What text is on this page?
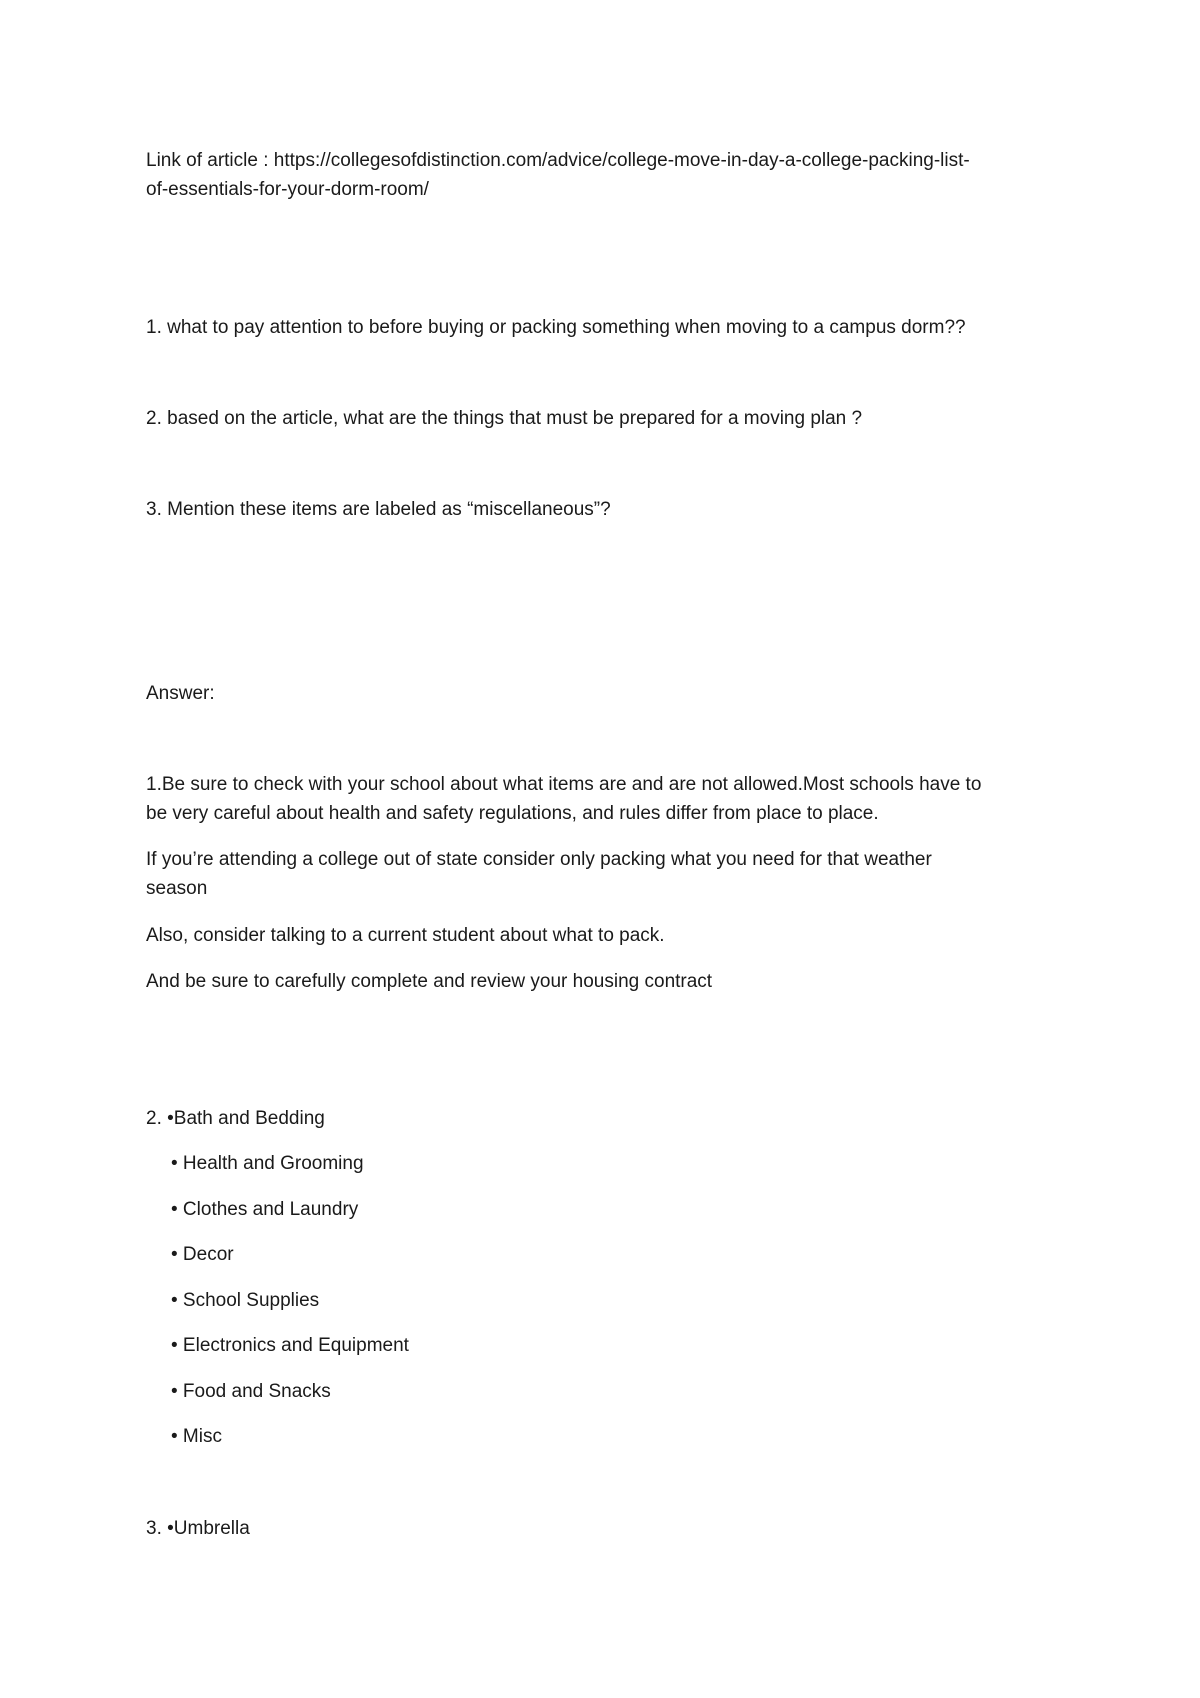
Link of article : https://collegesofdistinction.com/advice/college-move-in-day-a-college-packing-list-
of-essentials-for-your-dorm-room/
1. what to pay attention to before buying or packing something when moving to a campus dorm??
2. based on the article, what are the things that must be prepared for a moving plan ?
3. Mention these items are labeled as “miscellaneous”?
Answer:
1.Be sure to check with your school about what items are and are not allowed.Most schools have to
be very careful about health and safety regulations, and rules differ from place to place.
If you’re attending a college out of state consider only packing what you need for that weather
season
Also, consider talking to a current student about what to pack.
And be sure to carefully complete and review your housing contract
2. •Bath and Bedding
• Health and Grooming
• Clothes and Laundry
• Decor
• School Supplies
• Electronics and Equipment
• Food and Snacks
• Misc
3. •Umbrella
